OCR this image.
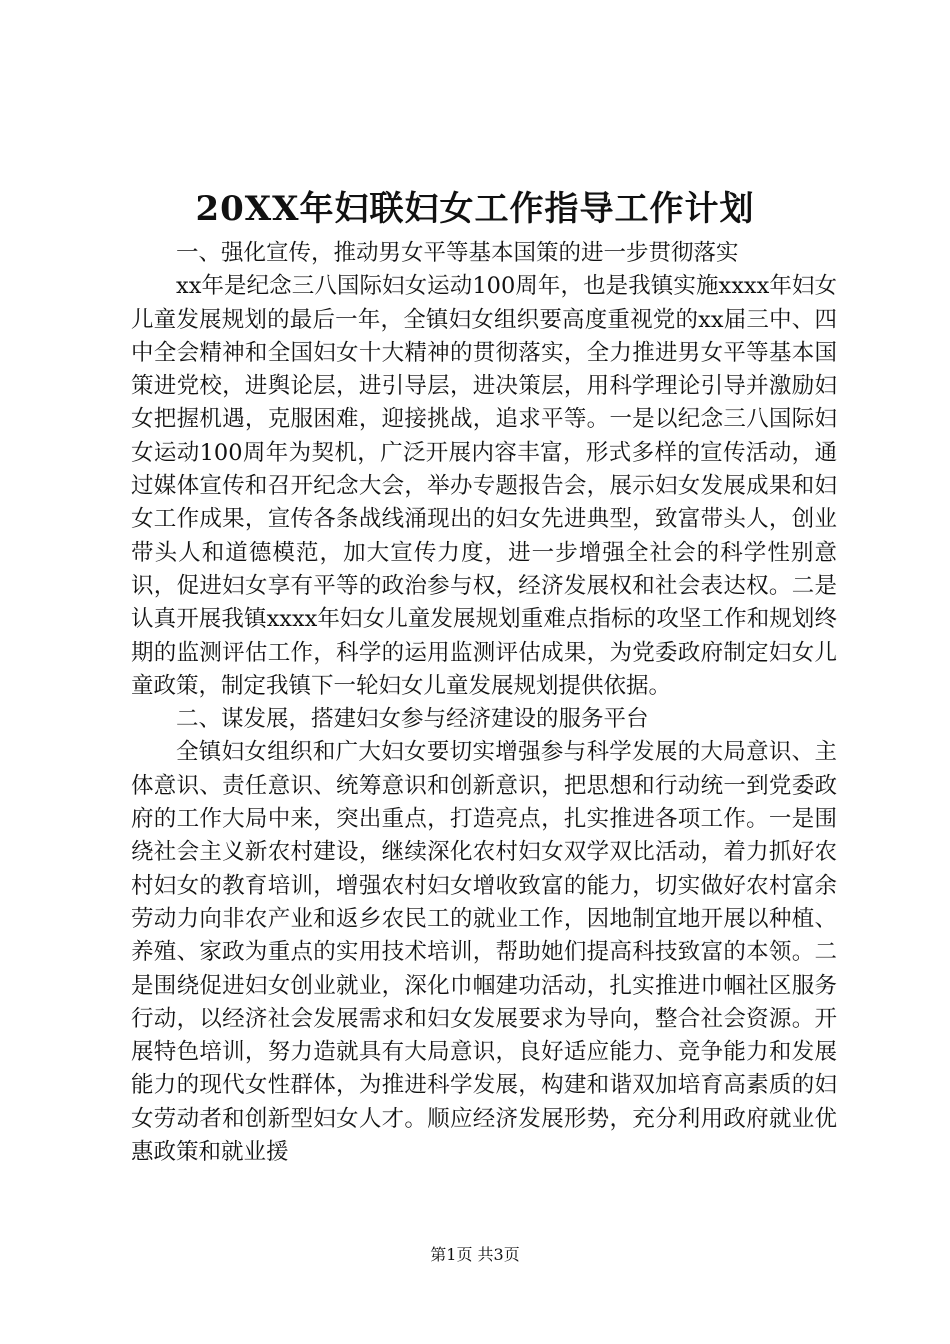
20XX年妇联妇女工作指导工作计划

一、强化宣传，推动男女平等基本国策的进一步贯彻落实

xx年是纪念三八国际妇女运动100周年，也是我镇实施xxxx年妇女儿童发展规划的最后一年，全镇妇女组织要高度重视党的xx届三中、四中全会精神和全国妇女十大精神的贯彻落实，全力推进男女平等基本国策进党校，进舆论层，进引导层，进决策层，用科学理论引导并激励妇女把握机遇，克服困难，迎接挑战，追求平等。一是以纪念三八国际妇女运动100周年为契机，广泛开展内容丰富，形式多样的宣传活动，通过媒体宣传和召开纪念大会，举办专题报告会，展示妇女发展成果和妇女工作成果，宣传各条战线涌现出的妇女先进典型，致富带头人，创业带头人和道德模范，加大宣传力度，进一步增强全社会的科学性别意识，促进妇女享有平等的政治参与权，经济发展权和社会表达权。二是认真开展我镇xxxx年妇女儿童发展规划重难点指标的攻坚工作和规划终期的监测评估工作，科学的运用监测评估成果，为党委政府制定妇女儿童政策，制定我镇下一轮妇女儿童发展规划提供依据。

二、谋发展，搭建妇女参与经济建设的服务平台

全镇妇女组织和广大妇女要切实增强参与科学发展的大局意识、主体意识、责任意识、统筹意识和创新意识，把思想和行动统一到党委政府的工作大局中来，突出重点，打造亮点，扎实推进各项工作。一是围绕社会主义新农村建设，继续深化农村妇女双学双比活动，着力抓好农村妇女的教育培训，增强农村妇女增收致富的能力，切实做好农村富余劳动力向非农产业和返乡农民工的就业工作，因地制宜地开展以种植、养殖、家政为重点的实用技术培训，帮助她们提高科技致富的本领。二是围绕促进妇女创业就业，深化巾帼建功活动，扎实推进巾帼社区服务行动，以经济社会发展需求和妇女发展要求为导向，整合社会资源。开展特色培训，努力造就具有大局意识，良好适应能力、竞争能力和发展能力的现代女性群体，为推进科学发展，构建和谐双加培育高素质的妇女劳动者和创新型妇女人才。顺应经济发展形势，充分利用政府就业优惠政策和就业援

第1页 共3页
